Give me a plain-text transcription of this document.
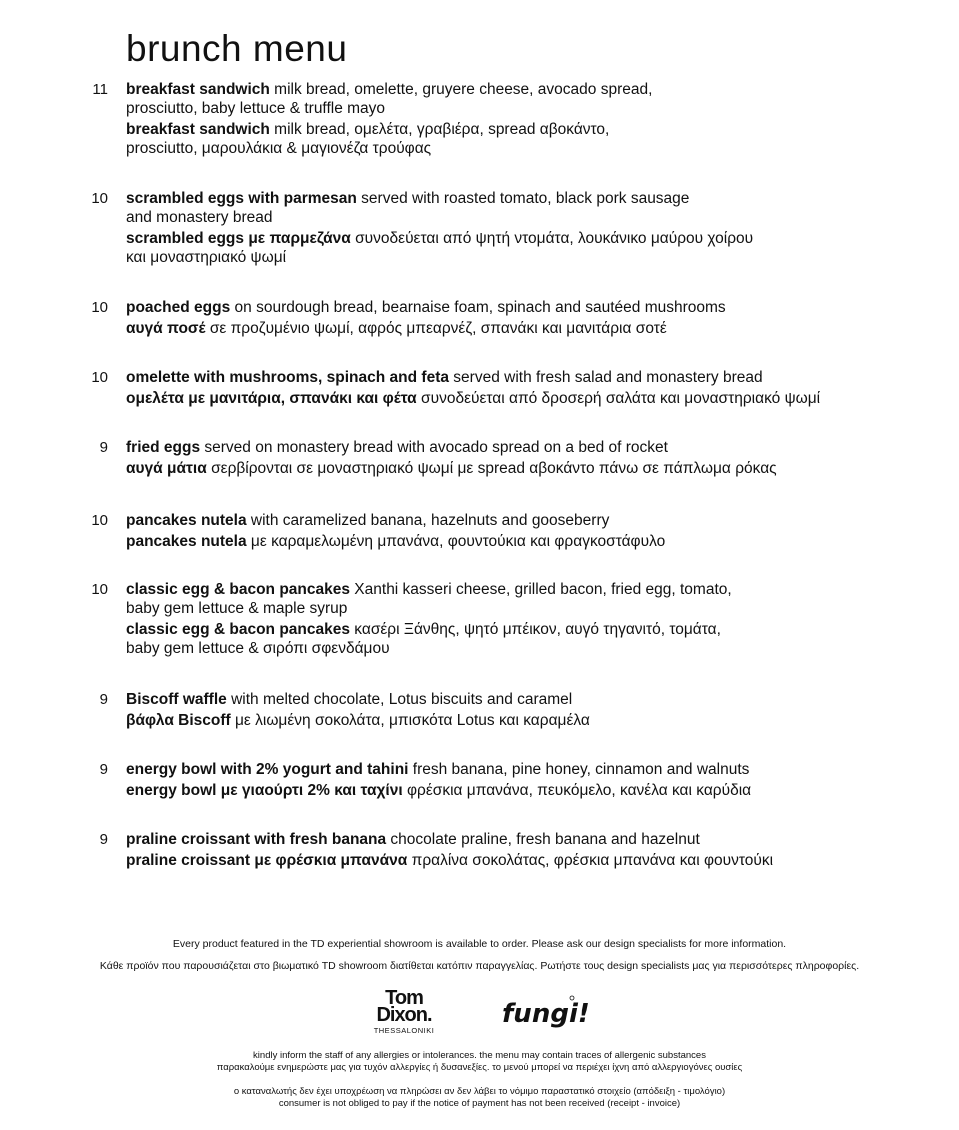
brunch menu
11 breakfast sandwich milk bread, omelette, gruyere cheese, avocado spread,
prosciutto, baby lettuce & truffle mayo
breakfast sandwich milk bread, ομελέτα, γραβιέρα, spread αβοκάντο,
prosciutto, μαρουλάκια & μαγιονέζα τρούφας
10 scrambled eggs with parmesan served with roasted tomato, black pork sausage
and monastery bread
scrambled eggs με παρμεζάνα συνοδεύεται από ψητή ντομάτα, λουκάνικο μαύρου χοίρου
και μοναστηριακό ψωμί
10 poached eggs on sourdough bread, bearnaise foam, spinach and sautéed mushrooms
αυγά ποσέ σε προζυμένιο ψωμί, αφρός μπεαρνέζ, σπανάκι και μανιτάρια σοτέ
10 omelette with mushrooms, spinach and feta served with fresh salad and monastery bread
ομελέτα με μανιτάρια, σπανάκι και φέτα συνοδεύεται από δροσερή σαλάτα και μοναστηριακό ψωμί
9 fried eggs served on monastery bread with avocado spread on a bed of rocket
αυγά μάτια σερβίρονται σε μοναστηριακό ψωμί με spread αβοκάντο πάνω σε πάπλωμα ρόκας
10 pancakes nutela with caramelized banana, hazelnuts and gooseberry
pancakes nutela με καραμελωμένη μπανάνα, φουντούκια και φραγκοστάφυλο
10 classic egg & bacon pancakes Xanthi kasseri cheese, grilled bacon, fried egg, tomato,
baby gem lettuce & maple syrup
classic egg & bacon pancakes κασέρι Ξάνθης, ψητό μπέικον, αυγό τηγανιτό, τομάτα,
baby gem lettuce & σιρόπι σφενδάμου
9 Biscoff waffle with melted chocolate, Lotus biscuits and caramel
βάφλα Biscoff με λιωμένη σοκολάτα, μπισκότα Lotus και καραμέλα
9 energy bowl with 2% yogurt and tahini fresh banana, pine honey, cinnamon and walnuts
energy bowl με γιαούρτι 2% και ταχίνι φρέσκια μπανάνα, πευκόμελο, κανέλα και καρύδια
9 praline croissant with fresh banana chocolate praline, fresh banana and hazelnut
praline croissant με φρέσκια μπανάνα πραλίνα σοκολάτας, φρέσκια μπανάνα και φουντούκι
Every product featured in the TD experiential showroom is available to order. Please ask our design specialists for more information.
Κάθε προϊόν που παρουσιάζεται στο βιωματικό TD showroom διατίθεται κατόπιν παραγγελίας. Ρωτήστε τους design specialists μας για περισσότερες πληροφορίες.
Tom
Dixon.
THESSALONIKI
fungi!
kindly inform the staff of any allergies or intolerances. the menu may contain traces of allergenic substances
παρακαλούμε ενημερώστε μας για τυχόν αλλεργίες ή δυσανεξίες. το μενού μπορεί να περιέχει ίχνη από αλλεργιογόνες ουσίες
ο καταναλωτής δεν έχει υποχρέωση να πληρώσει αν δεν λάβει το νόμιμο παραστατικό στοιχείο (απόδειξη - τιμολόγιο)
consumer is not obliged to pay if the notice of payment has not been received (receipt - invoice)
